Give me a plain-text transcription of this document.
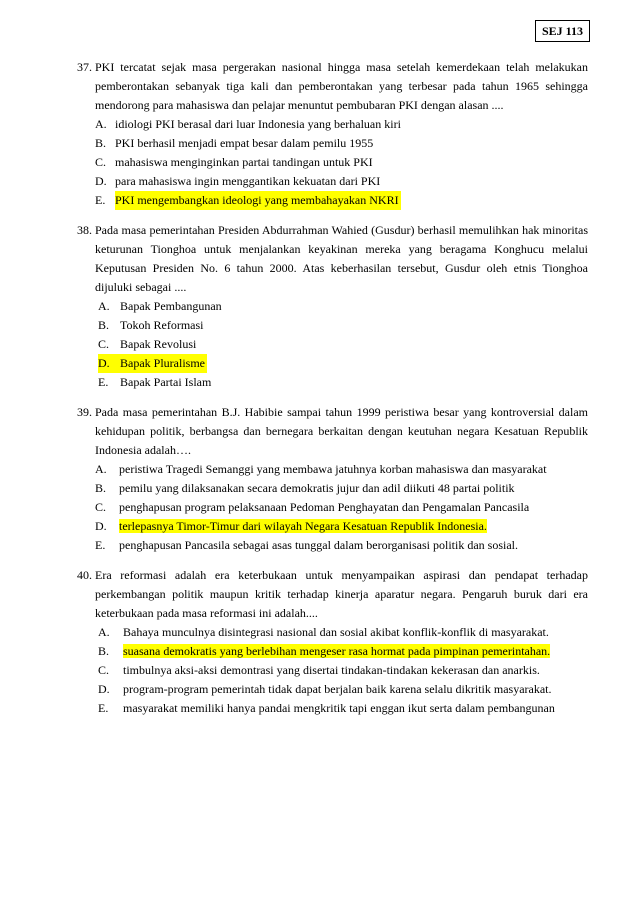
SEJ 113
37. PKI tercatat sejak masa pergerakan nasional hingga masa setelah kemerdekaan telah melakukan pemberontakan sebanyak tiga kali dan pemberontakan yang terbesar pada tahun 1965 sehingga mendorong para mahasiswa dan pelajar menuntut pembubaran PKI dengan alasan ....
A. idiologi PKI berasal dari luar Indonesia yang berhaluan kiri
B. PKI berhasil menjadi empat besar dalam pemilu 1955
C. mahasiswa menginginkan partai tandingan untuk PKI
D. para mahasiswa ingin menggantikan kekuatan dari PKI
E. PKI mengembangkan ideologi yang membahayakan NKRI
38. Pada masa pemerintahan Presiden Abdurrahman Wahied (Gusdur) berhasil memulihkan hak minoritas keturunan Tionghoa untuk menjalankan keyakinan mereka yang beragama Konghucu melalui Keputusan Presiden No. 6 tahun 2000. Atas keberhasilan tersebut, Gusdur oleh etnis Tionghoa dijuluki sebagai ....
A. Bapak Pembangunan
B. Tokoh Reformasi
C. Bapak Revolusi
D. Bapak Pluralisme
E. Bapak Partai Islam
39. Pada masa pemerintahan B.J. Habibie sampai tahun 1999 peristiwa besar yang kontroversial dalam kehidupan politik, berbangsa dan bernegara berkaitan dengan keutuhan negara Kesatuan Republik Indonesia adalah….
A. peristiwa Tragedi Semanggi yang membawa jatuhnya korban mahasiswa dan masyarakat
B. pemilu yang dilaksanakan secara demokratis jujur dan adil diikuti 48 partai politik
C. penghapusan program pelaksanaan Pedoman Penghayatan dan Pengamalan Pancasila
D. terlepasnya Timor-Timur dari wilayah Negara Kesatuan Republik Indonesia.
E. penghapusan Pancasila sebagai asas tunggal dalam berorganisasi politik dan sosial.
40. Era reformasi adalah era keterbukaan untuk menyampaikan aspirasi dan pendapat terhadap perkembangan politik maupun kritik terhadap kinerja aparatur negara. Pengaruh buruk dari era keterbukaan pada masa reformasi ini adalah....
A. Bahaya munculnya disintegrasi nasional dan sosial akibat konflik-konflik di masyarakat.
B. suasana demokratis yang berlebihan mengeser rasa hormat pada pimpinan pemerintahan.
C. timbulnya aksi-aksi demontrasi yang disertai tindakan-tindakan kekerasan dan anarkis.
D. program-program pemerintah tidak dapat berjalan baik karena selalu dikritik masyarakat.
E. masyarakat memiliki hanya pandai mengkritik tapi enggan ikut serta dalam pembangunan
